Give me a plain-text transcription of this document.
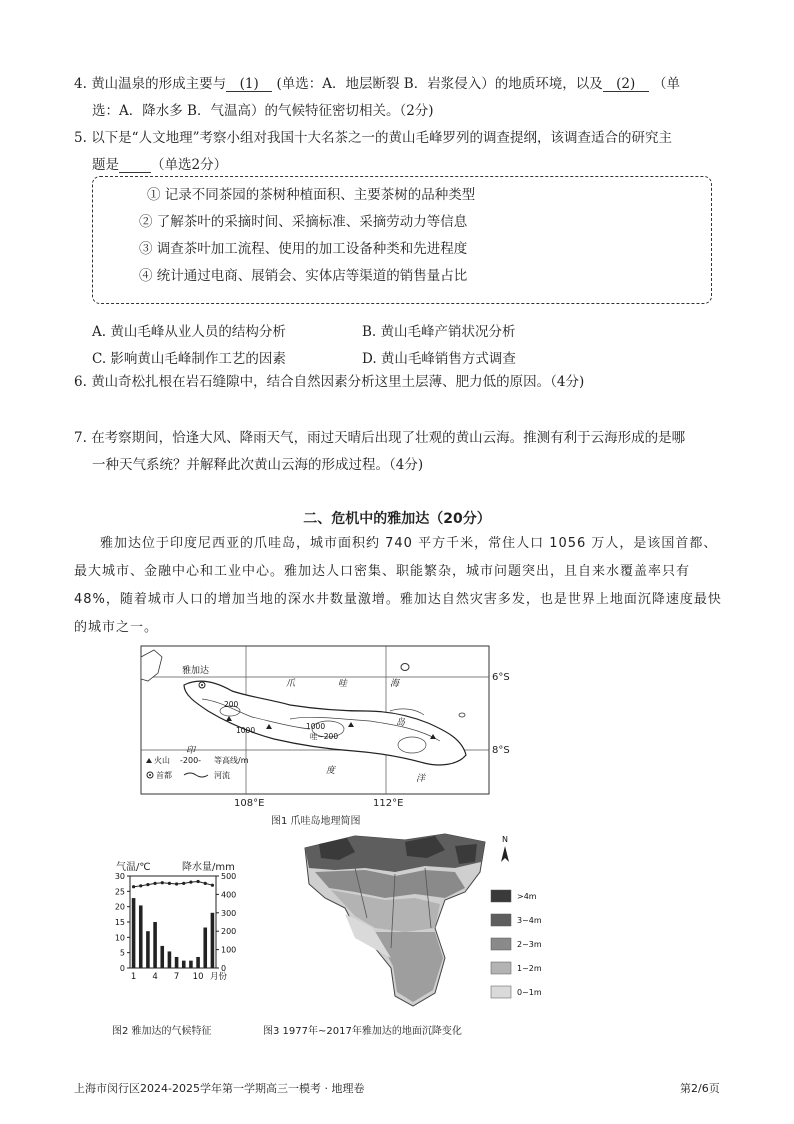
4. 黄山温泉的形成主要与 (1) (单选：A．地层断裂 B．岩浆侵入）的地质环境，以及 (2) （单
选：A．降水多 B．气温高）的气候特征密切相关。（2分)
5. 以下是“人文地理”考察小组对我国十大名茶之一的黄山毛峰罗列的调查提纲，该调查适合的研究主
题是 （单选2分）
① 记录不同茶园的茶树种植面积、主要茶树的品种类型
② 了解茶叶的采摘时间、采摘标准、采摘劳动力等信息
③ 调查茶叶加工流程、使用的加工设备种类和先进程度
④ 统计通过电商、展销会、实体店等渠道的销售量占比
A. 黄山毛峰从业人员的结构分析	B. 黄山毛峰产销状况分析
C. 影响黄山毛峰制作工艺的因素	D. 黄山毛峰销售方式调查
6. 黄山奇松扎根在岩石缝隙中，结合自然因素分析这里土层薄、肥力低的原因。（4分)
7. 在考察期间，恰逢大风、降雨天气，雨过天晴后出现了壮观的黄山云海。推测有利于云海形成的是哪
一种天气系统？并解释此次黄山云海的形成过程。（4分)
二、危机中的雅加达（20分）
雅加达位于印度尼西亚的爪哇岛，城市面积约 740 平方千米，常住人口 1056 万人，是该国首都、最大城市、金融中心和工业中心。雅加达人口密集、职能繁杂，城市问题突出，且自来水覆盖率只有48%，随着城市人口的增加当地的深水井数量激增。雅加达自然灾害多发，也是世界上地面沉降速度最快的城市之一。
雅加达
爪	哇	海
岛
印
度
洋
200
1000
1000
哇~200
火山 -200- 等高线/m
首都	河流
6°S
8°S
108°E	112°E
图1 爪哇岛地理简图
气温/℃	降水量/mm
30
25
20
15
10
5
0
500
400
300
200
100
0
1 4 7 10 月份
图2 雅加达的气候特征
N
>4m
3~4m
2~3m
1~2m
0~1m
图3 1977年~2017年雅加达的地面沉降变化
上海市闵行区2024-2025学年第一学期高三一模考 · 地理卷	第2/6页
